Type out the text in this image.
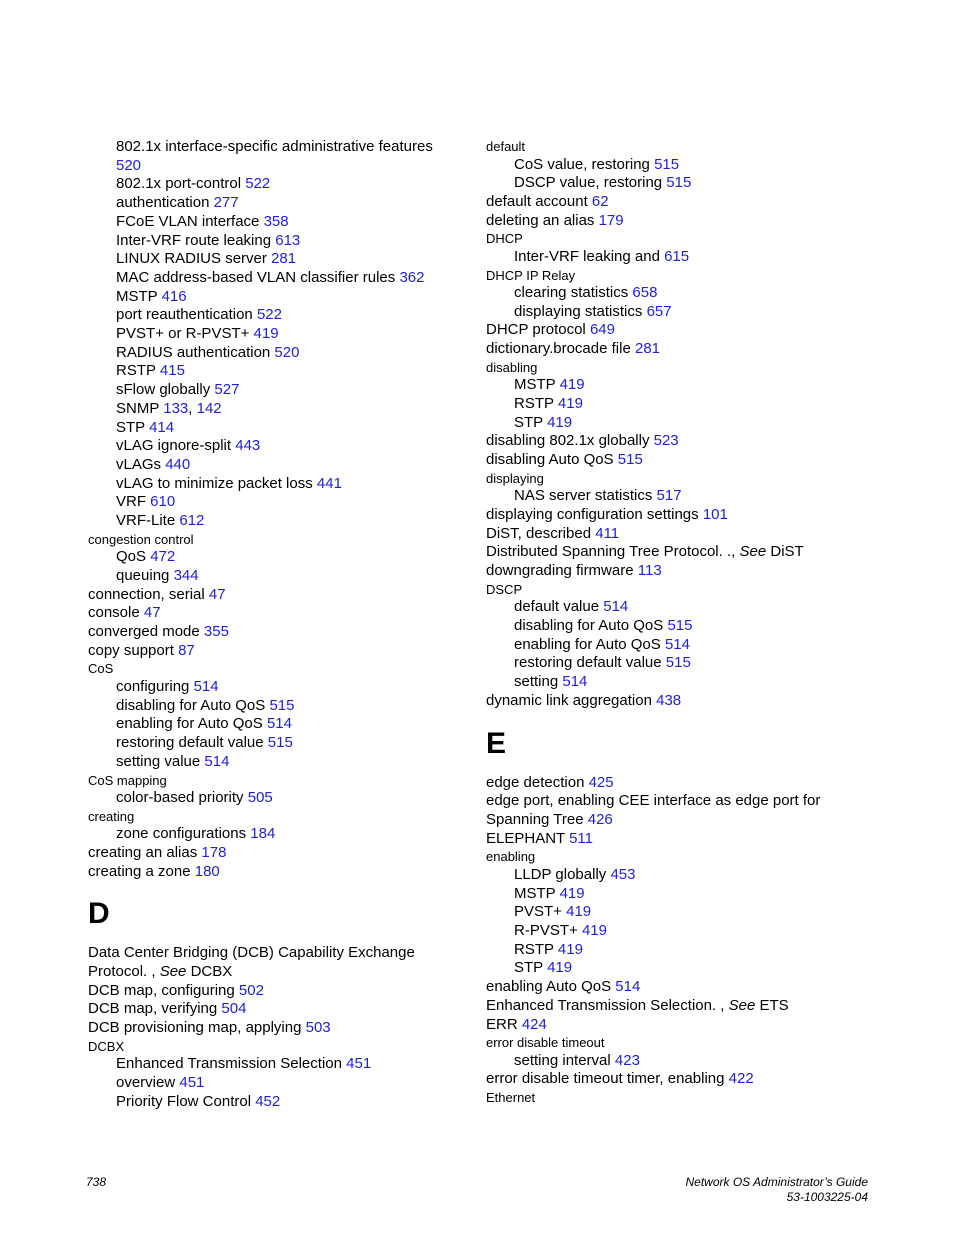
802.1x interface-specific administrative features
520
802.1x port-control 522
authentication 277
FCoE VLAN interface 358
Inter-VRF route leaking 613
LINUX RADIUS server 281
MAC address-based VLAN classifier rules 362
MSTP 416
port reauthentication 522
PVST+ or R-PVST+ 419
RADIUS authentication 520
RSTP 415
sFlow globally 527
SNMP 133, 142
STP 414
vLAG ignore-split 443
vLAGs 440
vLAG to minimize packet loss 441
VRF 610
VRF-Lite 612
congestion control
QoS 472
queuing 344
connection, serial 47
console 47
converged mode 355
copy support 87
CoS
configuring 514
disabling for Auto QoS 515
enabling for Auto QoS 514
restoring default value 515
setting value 514
CoS mapping
color-based priority 505
creating
zone configurations 184
creating an alias 178
creating a zone 180
D
Data Center Bridging (DCB) Capability Exchange
Protocol. , See DCBX
DCB map, configuring 502
DCB map, verifying 504
DCB provisioning map, applying 503
DCBX
Enhanced Transmission Selection 451
overview 451
Priority Flow Control 452
default
CoS value, restoring 515
DSCP value, restoring 515
default account 62
deleting an alias 179
DHCP
Inter-VRF leaking and 615
DHCP IP Relay
clearing statistics 658
displaying statistics 657
DHCP protocol 649
dictionary.brocade file 281
disabling
MSTP 419
RSTP 419
STP 419
disabling 802.1x globally 523
disabling Auto QoS 515
displaying
NAS server statistics 517
displaying configuration settings 101
DiST, described 411
Distributed Spanning Tree Protocol. ., See DiST
downgrading firmware 113
DSCP
default value 514
disabling for Auto QoS 515
enabling for Auto QoS 514
restoring default value 515
setting 514
dynamic link aggregation 438
E
edge detection 425
edge port, enabling CEE interface as edge port for
Spanning Tree 426
ELEPHANT 511
enabling
LLDP globally 453
MSTP 419
PVST+ 419
R-PVST+ 419
RSTP 419
STP 419
enabling Auto QoS 514
Enhanced Transmission Selection. , See ETS
ERR 424
error disable timeout
setting interval 423
error disable timeout timer, enabling 422
Ethernet
738	Network OS Administrator’s Guide
53-1003225-04
